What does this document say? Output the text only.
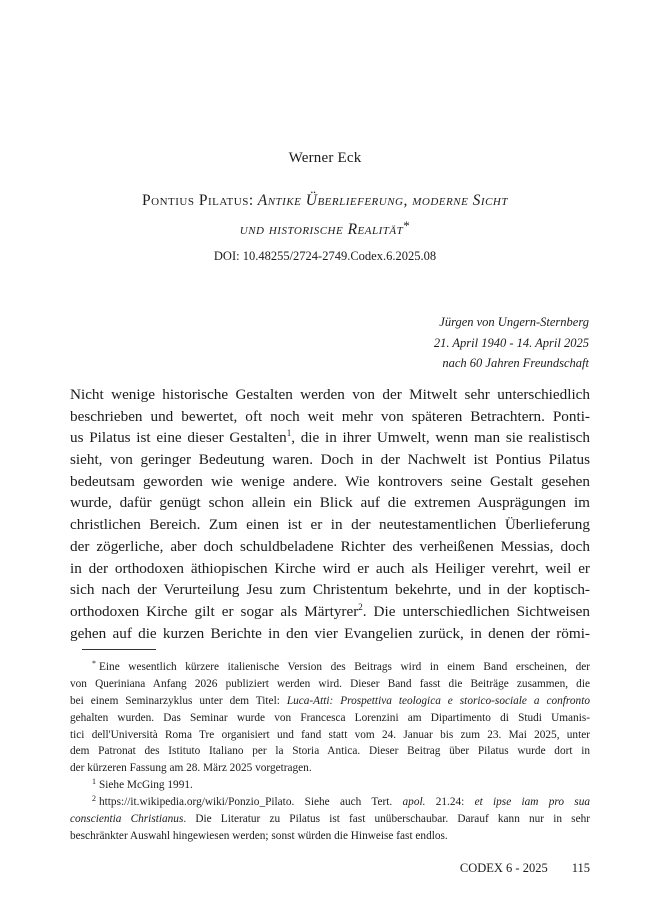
Werner Eck
Pontius Pilatus: Antike Überlieferung, moderne Sicht
und historische Realität*
DOI: 10.48255/2724-2749.Codex.6.2025.08
Jürgen von Ungern-Sternberg
21. April 1940 - 14. April 2025
nach 60 Jahren Freundschaft
Nicht wenige historische Gestalten werden von der Mitwelt sehr unterschiedlich
beschrieben und bewertet, oft noch weit mehr von späteren Betrachtern. Ponti-
us Pilatus ist eine dieser Gestalten$^1$, die in ihrer Umwelt, wenn man sie realistisch
sieht, von geringer Bedeutung waren. Doch in der Nachwelt ist Pontius Pilatus
bedeutsam geworden wie wenige andere. Wie kontrovers seine Gestalt gesehen
wurde, dafür genügt schon allein ein Blick auf die extremen Ausprägungen im
christlichen Bereich. Zum einen ist er in der neutestamentlichen Überlieferung
der zögerliche, aber doch schuldbeladene Richter des verheißenen Messias, doch
in der orthodoxen äthiopischen Kirche wird er auch als Heiliger verehrt, weil er
sich nach der Verurteilung Jesu zum Christentum bekehrte, und in der koptisch-
orthodoxen Kirche gilt er sogar als Märtyrer$^2$. Die unterschiedlichen Sichtweisen
gehen auf die kurzen Berichte in den vier Evangelien zurück, in denen der römi-
* Eine wesentlich kürzere italienische Version des Beitrags wird in einem Band erscheinen, der
von Queriniana Anfang 2026 publiziert werden wird. Dieser Band fasst die Beiträge zusammen, die
bei einem Seminarzyklus unter dem Titel: Luca-Atti: Prospettiva teologica e storico-sociale a confronto
gehalten wurden. Das Seminar wurde von Francesca Lorenzini am Dipartimento di Studi Umanis-
tici dell'Università Roma Tre organisiert und fand statt vom 24. Januar bis zum 23. Mai 2025, unter
dem Patronat des Istituto Italiano per la Storia Antica. Dieser Beitrag über Pilatus wurde dort in
der kürzeren Fassung am 28. März 2025 vorgetragen.
$^1$ Siehe McGing 1991.
$^2$ https://it.wikipedia.org/wiki/Ponzio_Pilato. Siehe auch Tert. apol. 21.24: et ipse iam pro sua
conscientia Christianus. Die Literatur zu Pilatus ist fast unüberschaubar. Darauf kann nur in sehr
beschränkter Auswahl hingewiesen werden; sonst würden die Hinweise fast endlos.
CODEX 6 - 2025 115
